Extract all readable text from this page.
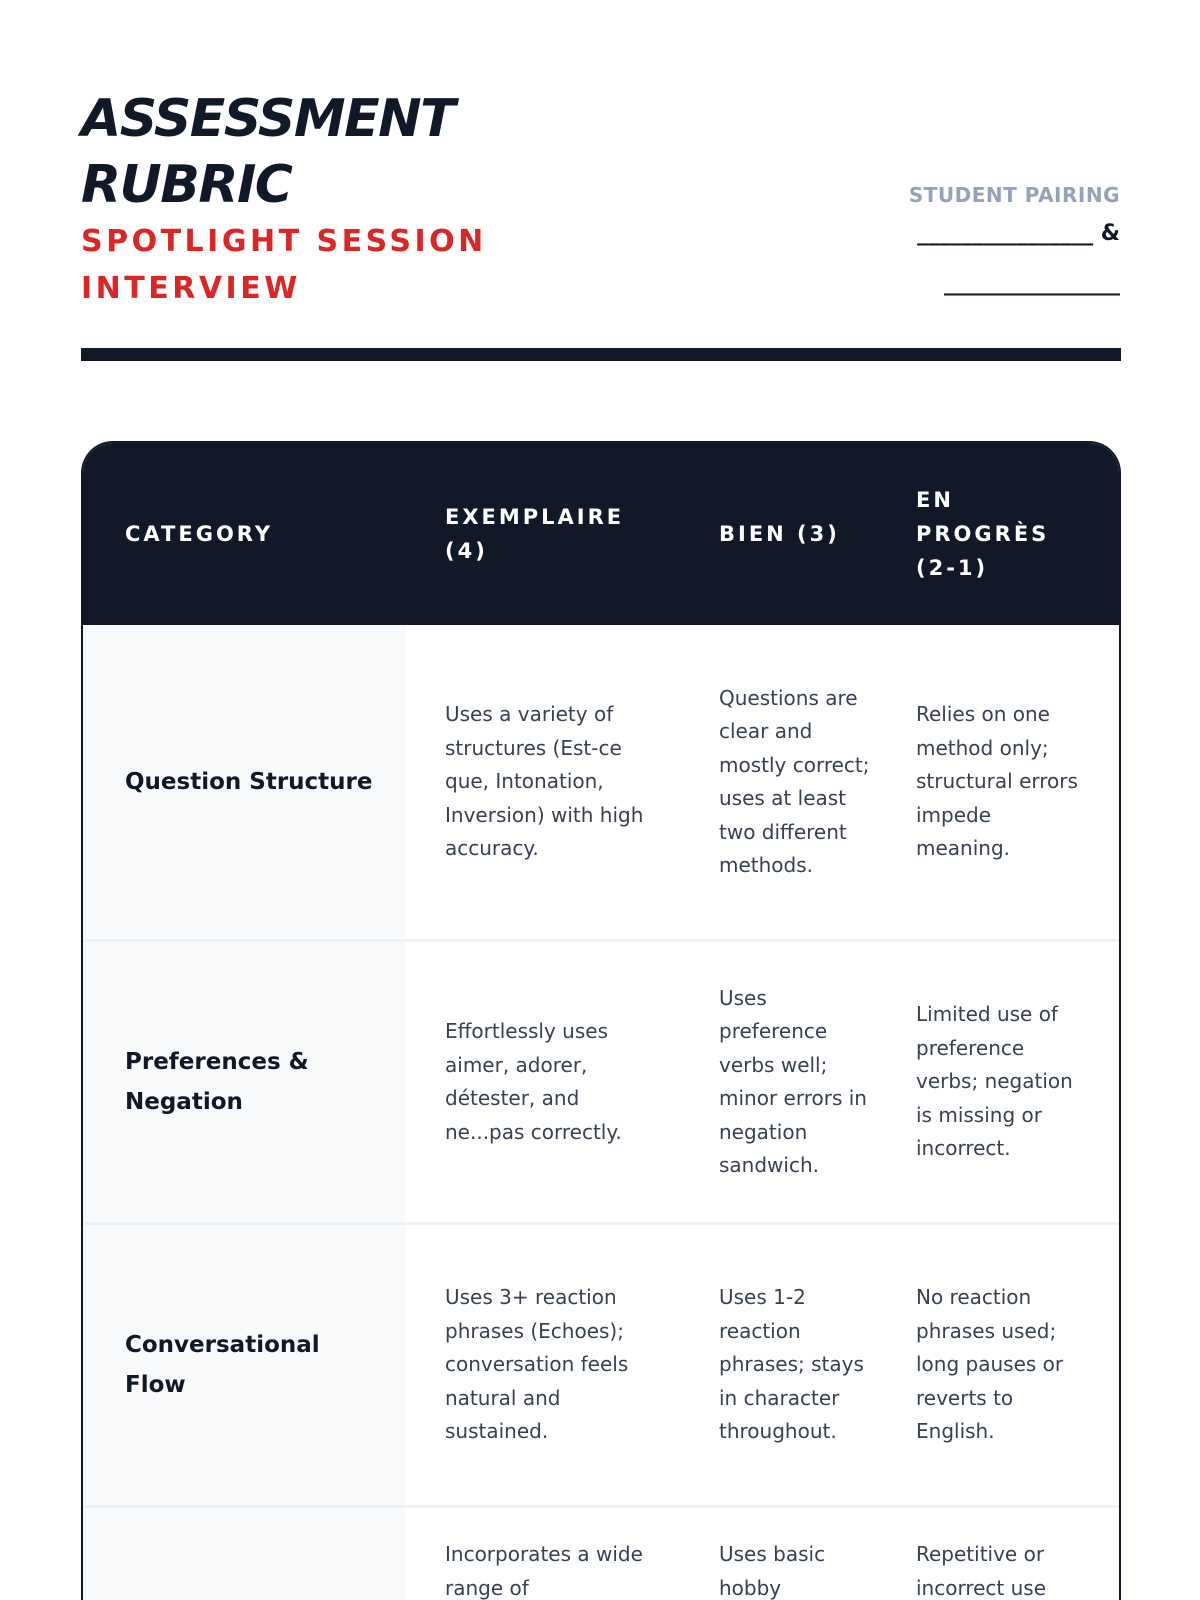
ASSESSMENT RUBRIC
SPOTLIGHT SESSION INTERVIEW
STUDENT PAIRING
________________ &
________________
CATEGORY	EXEMPLAIRE (4)	BIEN (3)	EN PROGRÈS (2-1)
Question Structure	Uses a variety of structures (Est-ce que, Intonation, Inversion) with high accuracy.	Questions are clear and mostly correct; uses at least two different methods.	Relies on one method only; structural errors impede meaning.
Preferences & Negation	Effortlessly uses aimer, adorer, détester, and ne...pas correctly.	Uses preference verbs well; minor errors in negation sandwich.	Limited use of preference verbs; negation is missing or incorrect.
Conversational Flow	Uses 3+ reaction phrases (Echoes); conversation feels natural and sustained.	Uses 1-2 reaction phrases; stays in character throughout.	No reaction phrases used; long pauses or reverts to English.
	Incorporates a wide range of	Uses basic hobby	Repetitive or incorrect use
